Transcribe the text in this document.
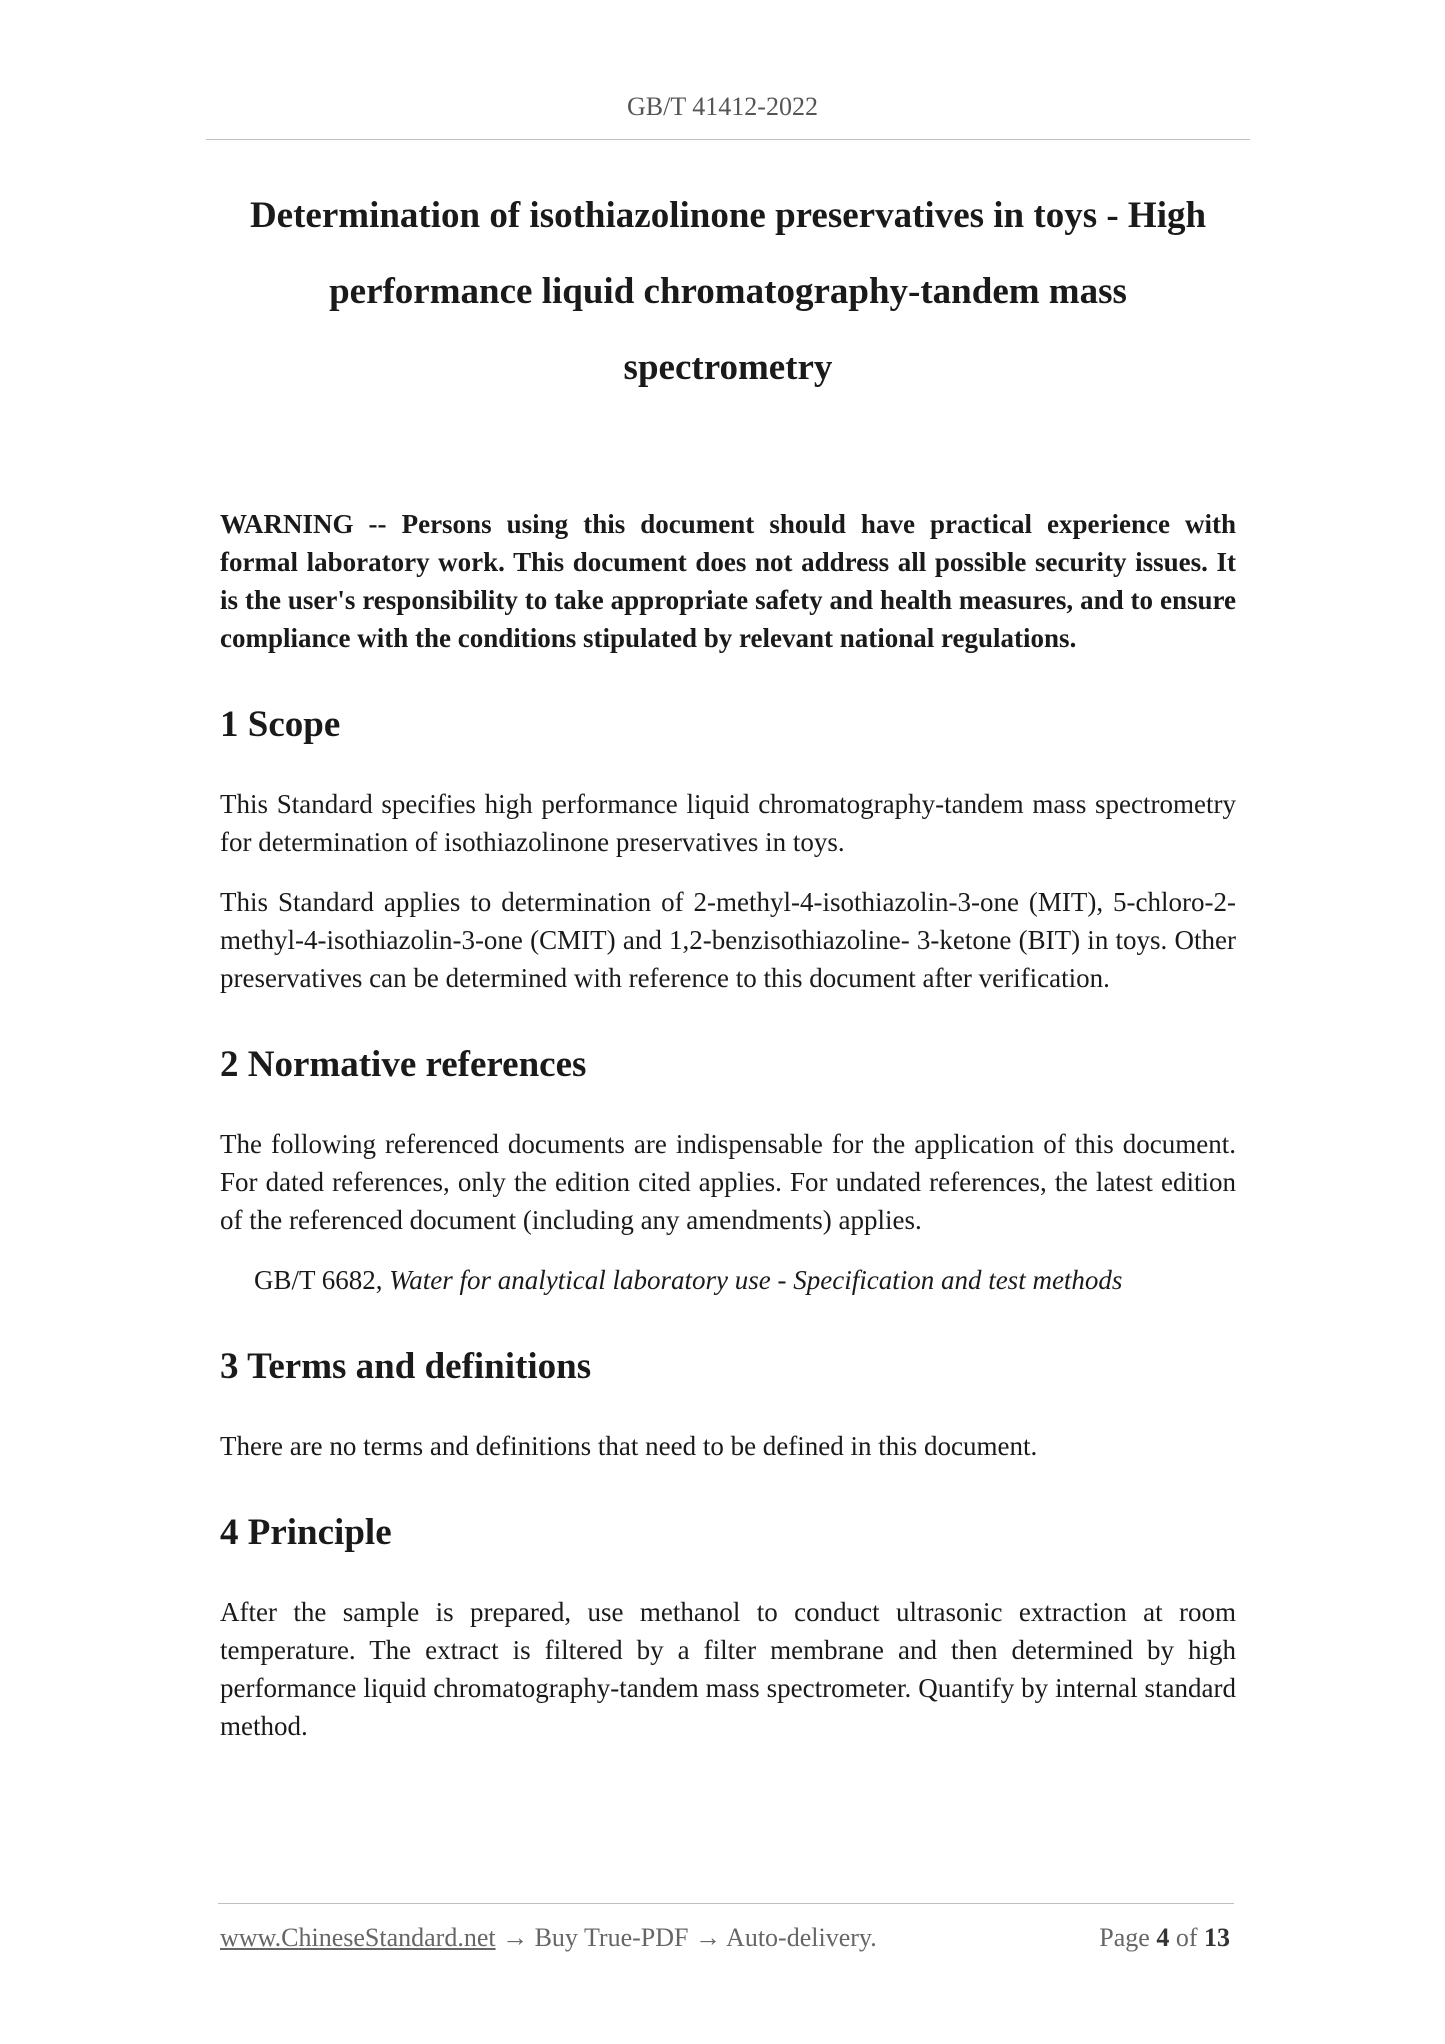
GB/T 41412-2022
Determination of isothiazolinone preservatives in toys - High
performance liquid chromatography-tandem mass
spectrometry

WARNING -- Persons using this document should have practical experience with formal laboratory work. This document does not address all possible security issues. It is the user's responsibility to take appropriate safety and health measures, and to ensure compliance with the conditions stipulated by relevant national regulations.

1 Scope

This Standard specifies high performance liquid chromatography-tandem mass spectrometry for determination of isothiazolinone preservatives in toys.

This Standard applies to determination of 2-methyl-4-isothiazolin-3-one (MIT), 5-chloro-2-methyl-4-isothiazolin-3-one (CMIT) and 1,2-benzisothiazoline- 3-ketone (BIT) in toys. Other preservatives can be determined with reference to this document after verification.

2 Normative references

The following referenced documents are indispensable for the application of this document. For dated references, only the edition cited applies. For undated references, the latest edition of the referenced document (including any amendments) applies.

GB/T 6682, Water for analytical laboratory use - Specification and test methods
3 Terms and definitions

There are no terms and definitions that need to be defined in this document.

4 Principle

After the sample is prepared, use methanol to conduct ultrasonic extraction at room temperature. The extract is filtered by a filter membrane and then determined by high performance liquid chromatography-tandem mass spectrometer. Quantify by internal standard method.

www.ChineseStandard.net → Buy True-PDF → Auto-delivery.	Page 4 of 13
